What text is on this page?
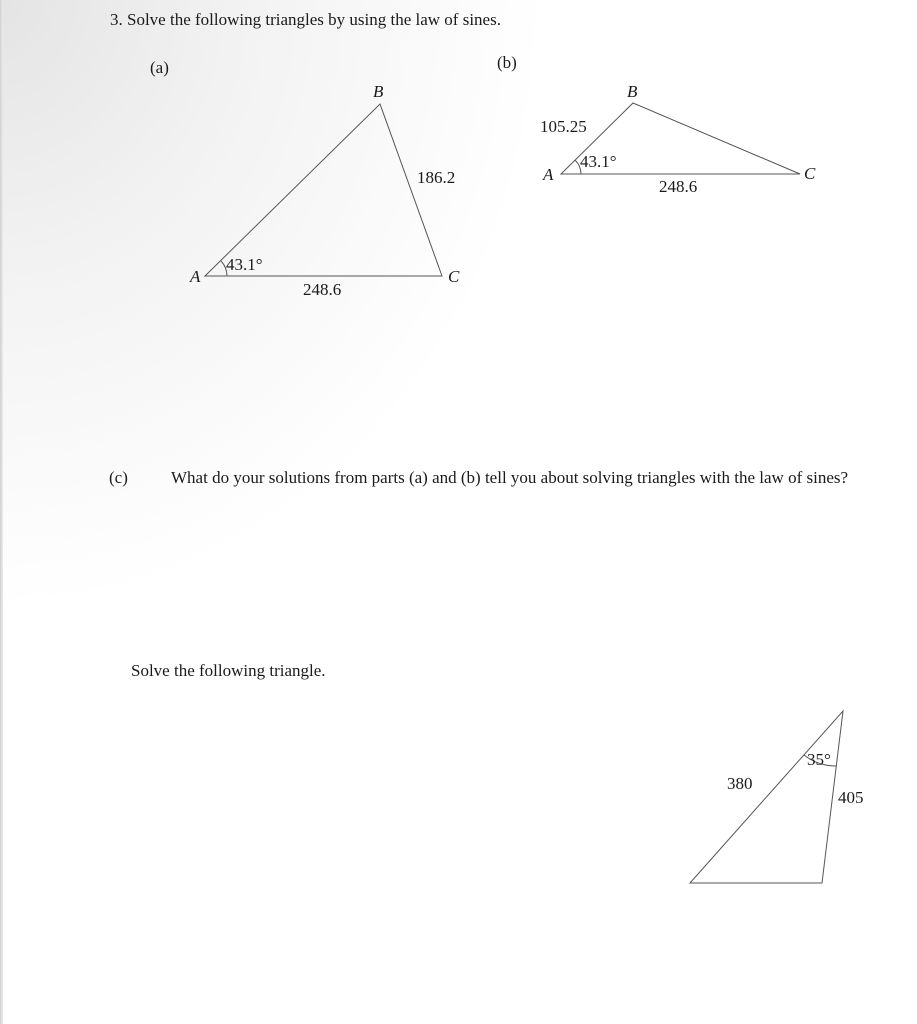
3. Solve the following triangles by using the law of sines.
(a)	(b)
B
A	C
43.1°
186.2
248.6
B
A	C
43.1°
105.25
248.6
(c)	What do your solutions from parts (a) and (b) tell you about solving triangles with the law of sines?
Solve the following triangle.
35°
380
405
